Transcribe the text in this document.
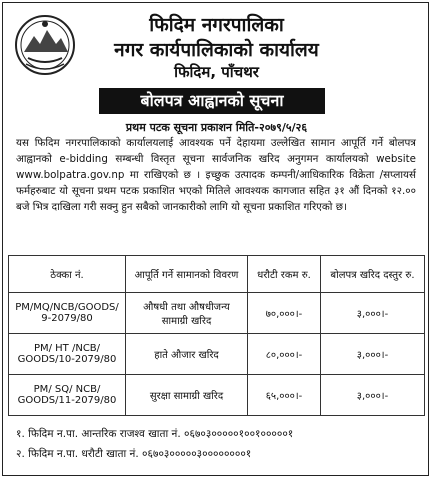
फिदिम नगरपालिका
नगर कार्यपालिकाको कार्यालय
फिदिम, पाँचथर
बोलपत्र आह्वानको सूचना
प्रथम पटक सूचना प्रकाशन मिति-२०७९/५/२६
यस फिदिम नगरपालिकाको कार्यालयलाई आवश्यक पर्ने देहायमा उल्लेखित सामान आपूर्ति गर्ने बोलपत्र आह्वानको e-bidding सम्बन्धी विस्तृत सूचना सार्वजनिक खरिद अनुगमन कार्यालयको website www.bolpatra.gov.np मा राखिएको छ । इच्छुक उत्पादक कम्पनी/आधिकारिक विक्रेता /सप्लायर्स फर्महरुबाट यो सूचना प्रथम पटक प्रकाशित भएको मितिले आवश्यक कागजात सहित ३१ औं दिनको १२.०० बजे भित्र दाखिला गरी सक्नु हुन सबैको जानकारीको लागि यो सूचना प्रकाशित गरिएको छ।
ठेक्का नं.	आपूर्ति गर्ने सामानको विवरण	धरौटी रकम रु.	बोलपत्र खरिद दस्तुर रु.
PM/MQ/NCB/GOODS/ 9-2079/80	औषधी तथा औषधीजन्य सामाग्री खरिद	७०,०००।-	३,०००।-
PM/ HT /NCB/ GOODS/10-2079/80	हाते औजार खरिद	८०,०००।-	३,०००।-
PM/ SQ/ NCB/ GOODS/11-2079/80	सुरक्षा सामाग्री खरिद	६५,०००।-	३,०००।-
१. फिदिम न.पा. आन्तरिक राजश्व खाता नं. ०६७०३०००००१००१०००००१
२. फिदिम न.पा. धरौटी खाता नं. ०६७०३०००००३००००००००१
